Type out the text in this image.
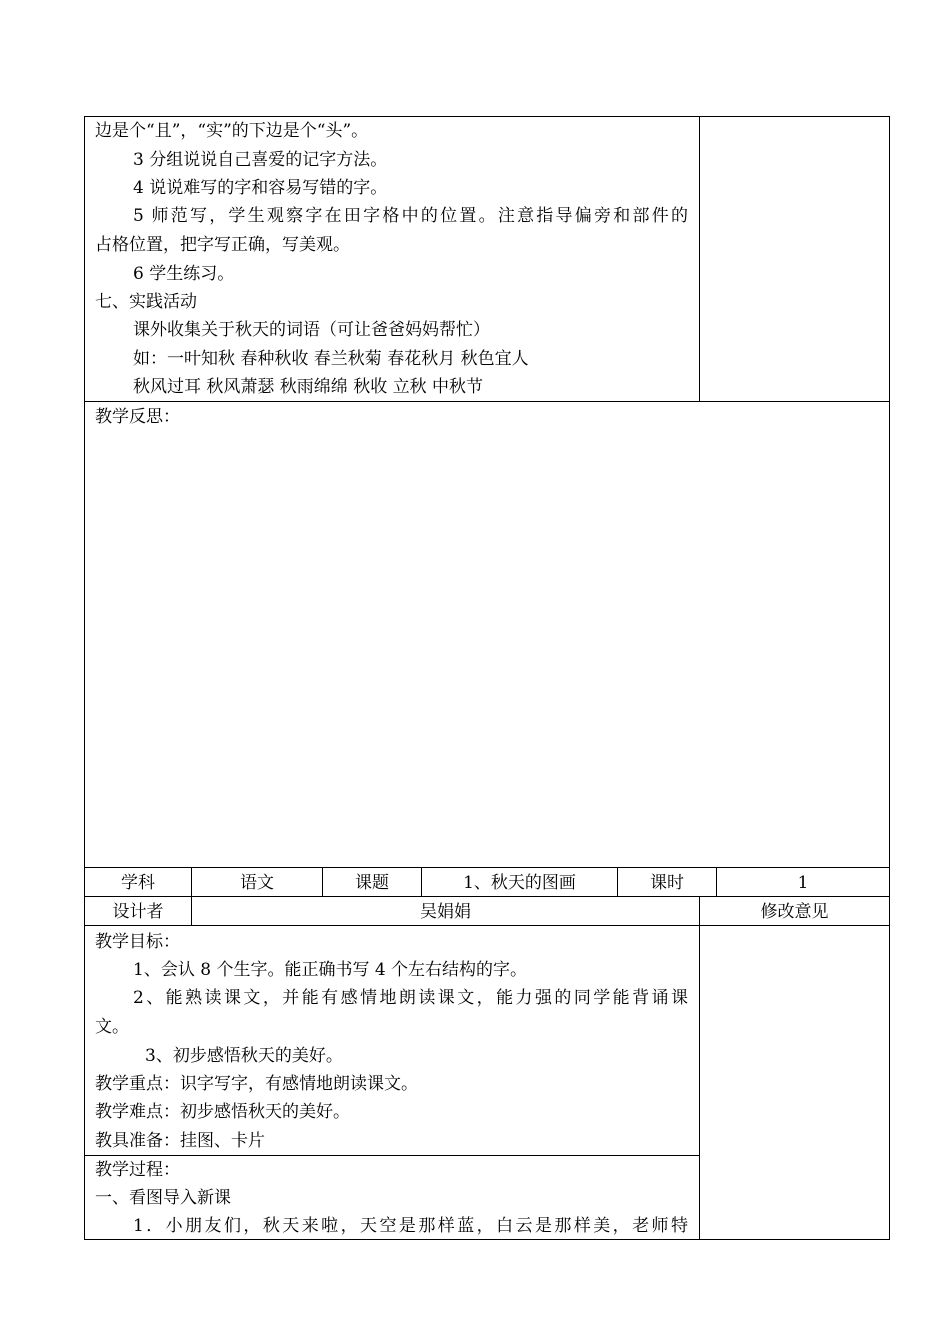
边是个“且”，“实”的下边是个“头”。
3 分组说说自己喜爱的记字方法。
4 说说难写的字和容易写错的字。
5 师范写，学生观察字在田字格中的位置。注意指导偏旁和部件的
占格位置，把字写正确，写美观。
6 学生练习。
七、实践活动
课外收集关于秋天的词语（可让爸爸妈妈帮忙）
如：一叶知秋 春种秋收 春兰秋菊 春花秋月 秋色宜人
秋风过耳 秋风萧瑟 秋雨绵绵 秋收 立秋 中秋节
教学反思：
学科	语文	课题	1、秋天的图画	课时	1
设计者	吴娟娟	修改意见
教学目标：
1、会认 8 个生字。能正确书写 4 个左右结构的字。
2、能熟读课文，并能有感情地朗读课文，能力强的同学能背诵课
文。
3、初步感悟秋天的美好。
教学重点：识字写字，有感情地朗读课文。
教学难点：初步感悟秋天的美好。
教具准备：挂图、卡片
教学过程：
一、看图导入新课
1．小朋友们，秋天来啦，天空是那样蓝，白云是那样美，老师特
